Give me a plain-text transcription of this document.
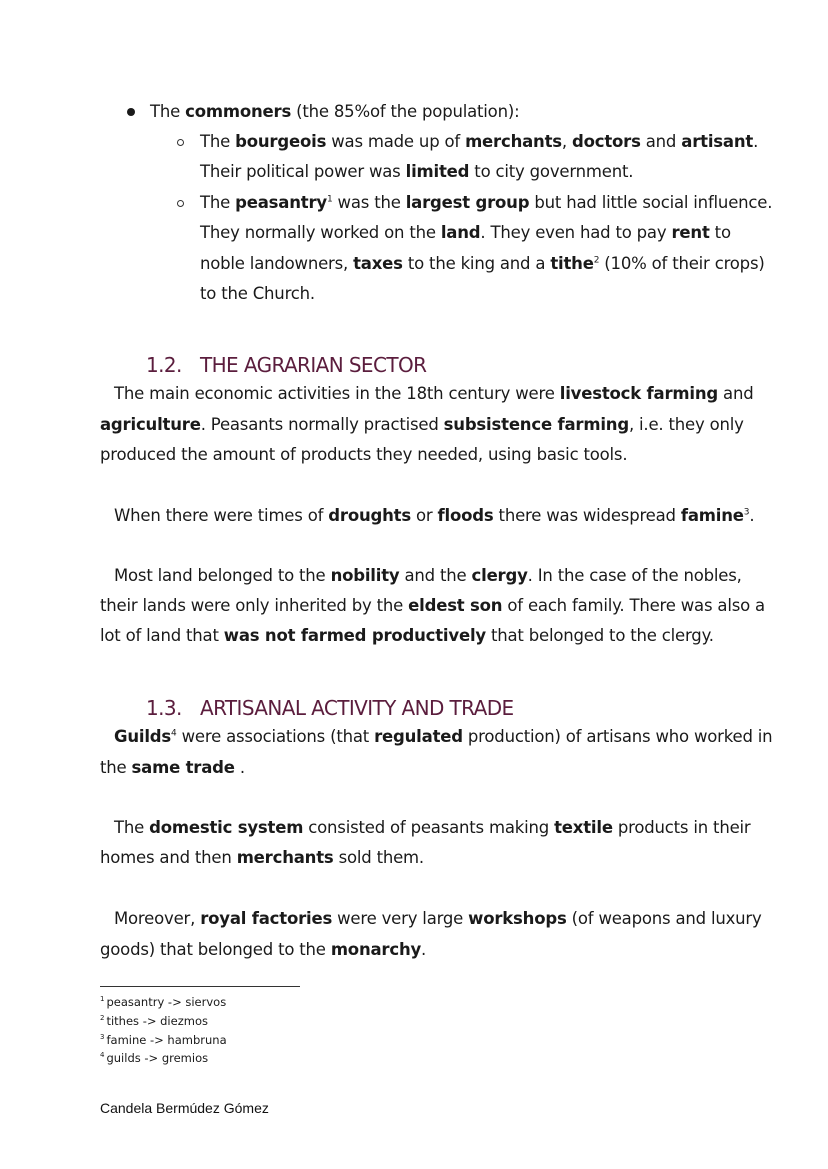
The commoners (the 85%of the population):
The bourgeois was made up of merchants, doctors and artisant.
Their political power was limited to city government.
The peasantry$^1$ was the largest group but had little social influence.
They normally worked on the land. They even had to pay rent to
noble landowners, taxes to the king and a tithe$^2$ (10% of their crops)
to the Church.
1.2. THE AGRARIAN SECTOR
The main economic activities in the 18th century were livestock farming and
agriculture. Peasants normally practised subsistence farming, i.e. they only
produced the amount of products they needed, using basic tools.
When there were times of droughts or floods there was widespread famine$^3$.
Most land belonged to the nobility and the clergy. In the case of the nobles,
their lands were only inherited by the eldest son of each family. There was also a
lot of land that was not farmed productively that belonged to the clergy.
1.3. ARTISANAL ACTIVITY AND TRADE
Guilds$^4$ were associations (that regulated production) of artisans who worked in
the same trade .
The domestic system consisted of peasants making textile products in their
homes and then merchants sold them.
Moreover, royal factories were very large workshops (of weapons and luxury
goods) that belonged to the monarchy.
$^1$ peasantry -> siervos
$^2$ tithes -> diezmos
$^3$ famine -> hambruna
$^4$ guilds -> gremios
Candela Bermúdez Gómez
